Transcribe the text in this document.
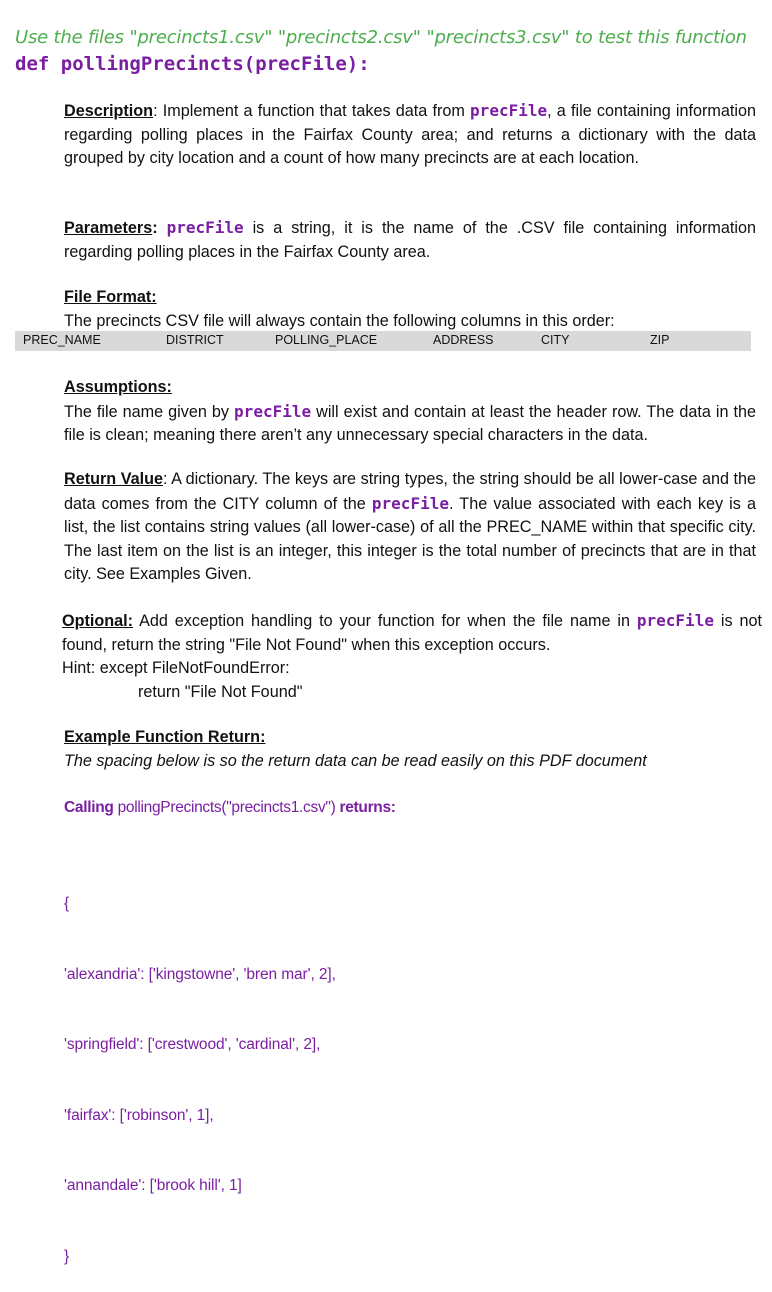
Use the files "precincts1.csv" "precincts2.csv" "precincts3.csv" to test this function
def pollingPrecincts(precFile):
Description: Implement a function that takes data from precFile, a file containing information regarding polling places in the Fairfax County area; and returns a dictionary with the data grouped by city location and a count of how many precincts are at each location.
Parameters: precFile is a string, it is the name of the .CSV file containing information regarding polling places in the Fairfax County area.
File Format:
The precincts CSV file will always contain the following columns in this order:
PREC_NAME	DISTRICT	POLLING_PLACE	ADDRESS	CITY	ZIP
Assumptions:
The file name given by precFile will exist and contain at least the header row. The data in the file is clean; meaning there aren’t any unnecessary special characters in the data.
Return Value: A dictionary. The keys are string types, the string should be all lower-case and the data comes from the CITY column of the precFile. The value associated with each key is a list, the list contains string values (all lower-case) of all the PREC_NAME within that specific city. The last item on the list is an integer, this integer is the total number of precincts that are in that city. See Examples Given.
Optional: Add exception handling to your function for when the file name in precFile is not found, return the string "File Not Found" when this exception occurs.
Hint: except FileNotFoundError:
return "File Not Found"
Example Function Return:
The spacing below is so the return data can be read easily on this PDF document
Calling pollingPrecincts("precincts1.csv") returns:

{

'alexandria': ['kingstowne', 'bren mar', 2],

'springfield': ['crestwood', 'cardinal', 2],

'fairfax': ['robinson', 1],

'annandale': ['brook hill', 1]

}
